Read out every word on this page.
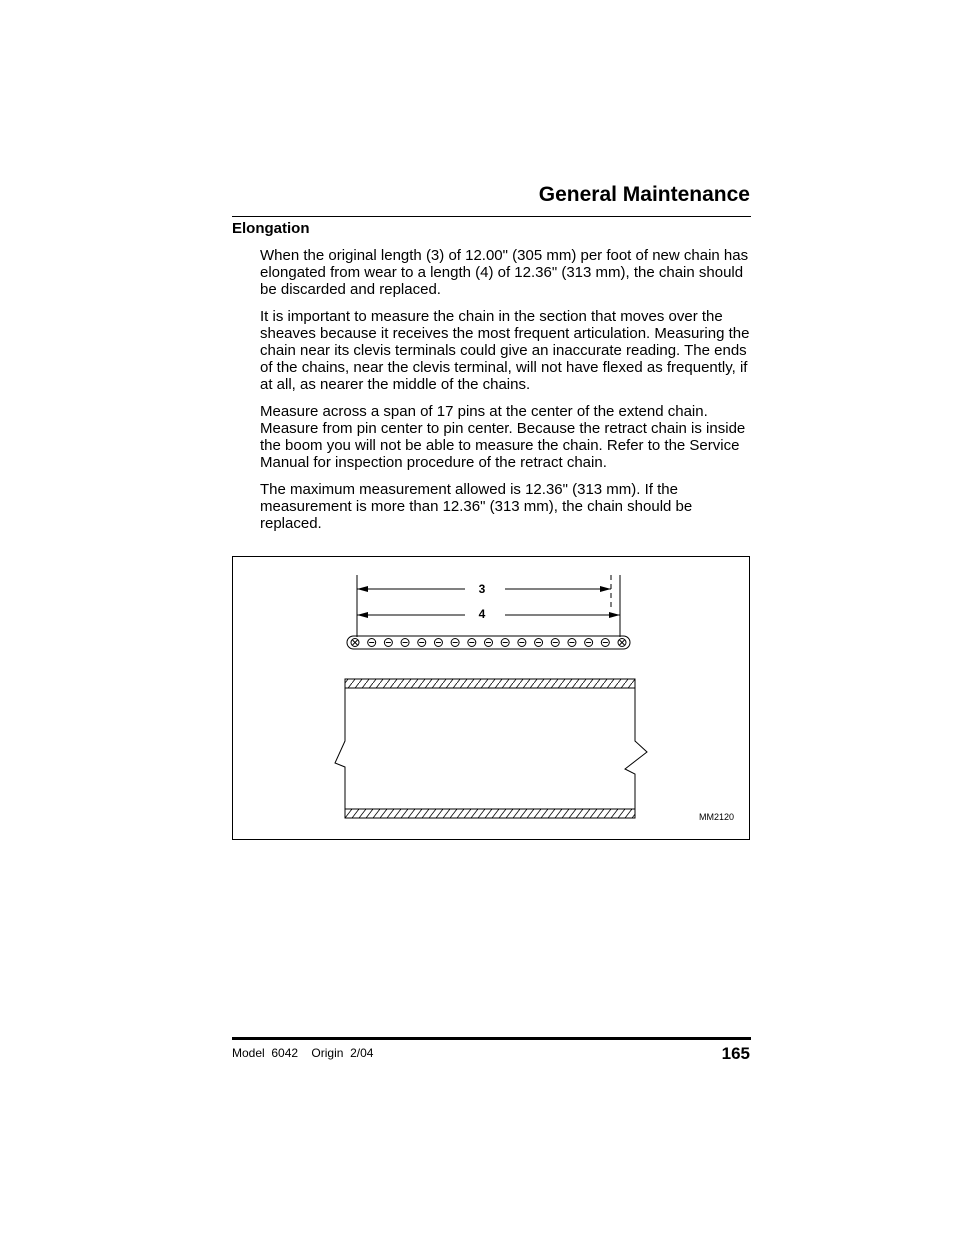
General Maintenance
Elongation

When the original length (3) of 12.00" (305 mm) per foot of new chain has elongated from wear to a length (4) of 12.36" (313 mm), the chain should be discarded and replaced.

It is important to measure the chain in the section that moves over the sheaves because it receives the most frequent articulation. Measuring the chain near its clevis terminals could give an inaccurate reading. The ends of the chains, near the clevis terminal, will not have flexed as frequently, if at all, as nearer the middle of the chains.

Measure across a span of 17 pins at the center of the extend chain. Measure from pin center to pin center. Because the retract chain is inside the boom you will not be able to measure the chain. Refer to the Service Manual for inspection procedure of the retract chain.

The maximum measurement allowed is 12.36" (313 mm). If the measurement is more than 12.36" (313 mm), the chain should be replaced.

3
4
MM2120
Model 6042 Origin 2/04	165
